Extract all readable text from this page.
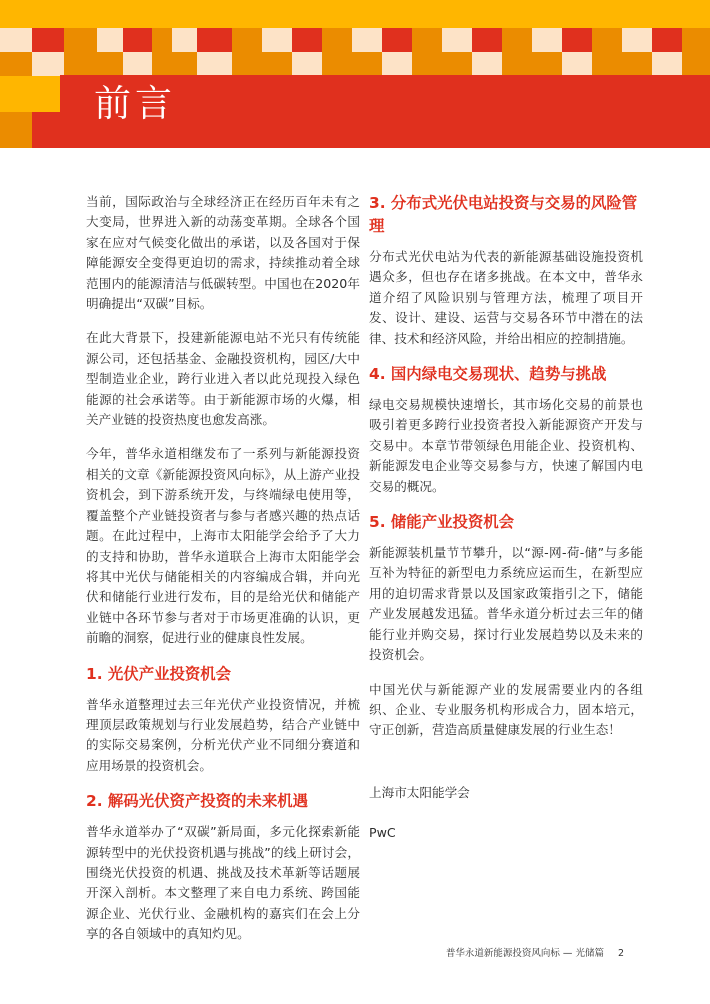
前言

当前，国际政治与全球经济正在经历百年未有之大变局，世界进入新的动荡变革期。全球各个国家在应对气候变化做出的承诺，以及各国对于保障能源安全变得更迫切的需求，持续推动着全球范围内的能源清洁与低碳转型。中国也在2020年明确提出“双碳”目标。

在此大背景下，投建新能源电站不光只有传统能源公司，还包括基金、金融投资机构，园区/大中型制造业企业，跨行业进入者以此兑现投入绿色能源的社会承诺等。由于新能源市场的火爆，相关产业链的投资热度也愈发高涨。

今年，普华永道相继发布了一系列与新能源投资相关的文章《新能源投资风向标》，从上游产业投资机会，到下游系统开发，与终端绿电使用等，覆盖整个产业链投资者与参与者感兴趣的热点话题。在此过程中，上海市太阳能学会给予了大力的支持和协助，普华永道联合上海市太阳能学会将其中光伏与储能相关的内容编成合辑，并向光伏和储能行业进行发布，目的是给光伏和储能产业链中各环节参与者对于市场更准确的认识，更前瞻的洞察，促进行业的健康良性发展。

1. 光伏产业投资机会

普华永道整理过去三年光伏产业投资情况，并梳理顶层政策规划与行业发展趋势，结合产业链中的实际交易案例，分析光伏产业不同细分赛道和应用场景的投资机会。

2. 解码光伏资产投资的未来机遇

普华永道举办了“双碳”新局面，多元化探索新能源转型中的光伏投资机遇与挑战”的线上研讨会，围绕光伏投资的机遇、挑战及技术革新等话题展开深入剖析。本文整理了来自电力系统、跨国能源企业、光伏行业、金融机构的嘉宾们在会上分享的各自领域中的真知灼见。

3. 分布式光伏电站投资与交易的风险管理

分布式光伏电站为代表的新能源基础设施投资机遇众多，但也存在诸多挑战。在本文中，普华永道介绍了风险识别与管理方法，梳理了项目开发、设计、建设、运营与交易各环节中潜在的法律、技术和经济风险，并给出相应的控制措施。

4. 国内绿电交易现状、趋势与挑战

绿电交易规模快速增长，其市场化交易的前景也吸引着更多跨行业投资者投入新能源资产开发与交易中。本章节带领绿色用能企业、投资机构、新能源发电企业等交易参与方，快速了解国内电交易的概况。

5. 储能产业投资机会

新能源装机量节节攀升，以“源-网-荷-储”与多能互补为特征的新型电力系统应运而生，在新型应用的迫切需求背景以及国家政策指引之下，储能产业发展越发迅猛。普华永道分析过去三年的储能行业并购交易，探讨行业发展趋势以及未来的投资机会。

中国光伏与新能源产业的发展需要业内的各组织、企业、专业服务机构形成合力，固本培元，守正创新，营造高质量健康发展的行业生态！

上海市太阳能学会
PwC
普华永道新能源投资风向标 — 光储篇 2
